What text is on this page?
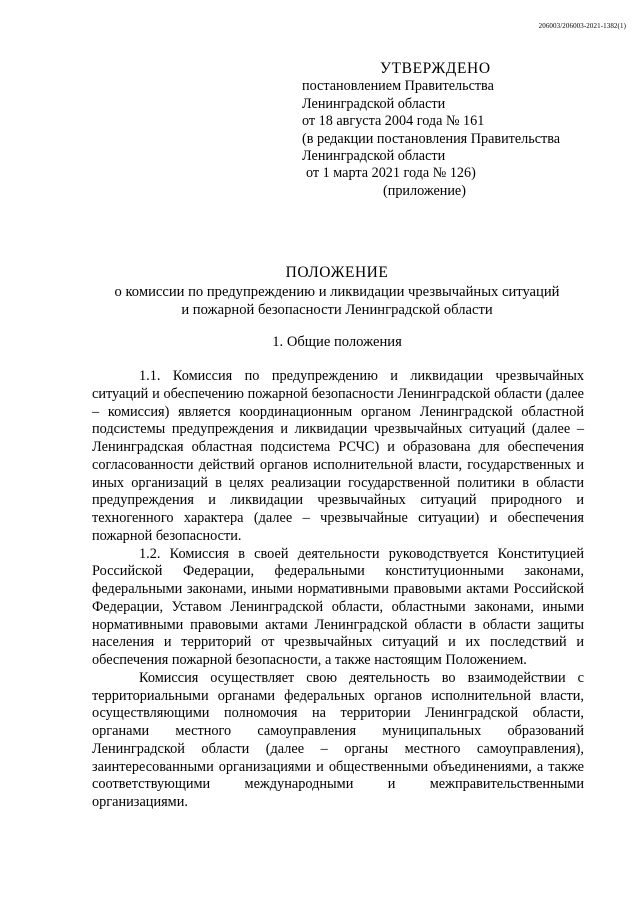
206003/206003-2021-1382(1)
УТВЕРЖДЕНО
постановлением Правительства
Ленинградской области
от 18 августа 2004 года № 161
(в редакции постановления Правительства
Ленинградской области
от 1 марта 2021 года № 126)
(приложение)
ПОЛОЖЕНИЕ
о комиссии по предупреждению и ликвидации чрезвычайных ситуаций
и пожарной безопасности Ленинградской области
1. Общие положения

1.1. Комиссия по предупреждению и ликвидации чрезвычайных ситуаций и обеспечению пожарной безопасности Ленинградской области (далее – комиссия) является координационным органом Ленинградской областной подсистемы предупреждения и ликвидации чрезвычайных ситуаций (далее – Ленинградская областная подсистема РСЧС) и образована для обеспечения согласованности действий органов исполнительной власти, государственных и иных организаций в целях реализации государственной политики в области предупреждения и ликвидации чрезвычайных ситуаций природного и техногенного характера (далее – чрезвычайные ситуации) и обеспечения пожарной безопасности.

1.2. Комиссия в своей деятельности руководствуется Конституцией Российской Федерации, федеральными конституционными законами, федеральными законами, иными нормативными правовыми актами Российской Федерации, Уставом Ленинградской области, областными законами, иными нормативными правовыми актами Ленинградской области в области защиты населения и территорий от чрезвычайных ситуаций и их последствий и обеспечения пожарной безопасности, а также настоящим Положением.

Комиссия осуществляет свою деятельность во взаимодействии с территориальными органами федеральных органов исполнительной власти, осуществляющими полномочия на территории Ленинградской области, органами местного самоуправления муниципальных образований Ленинградской области (далее – органы местного самоуправления), заинтересованными организациями и общественными объединениями, а также соответствующими международными и межправительственными организациями.
